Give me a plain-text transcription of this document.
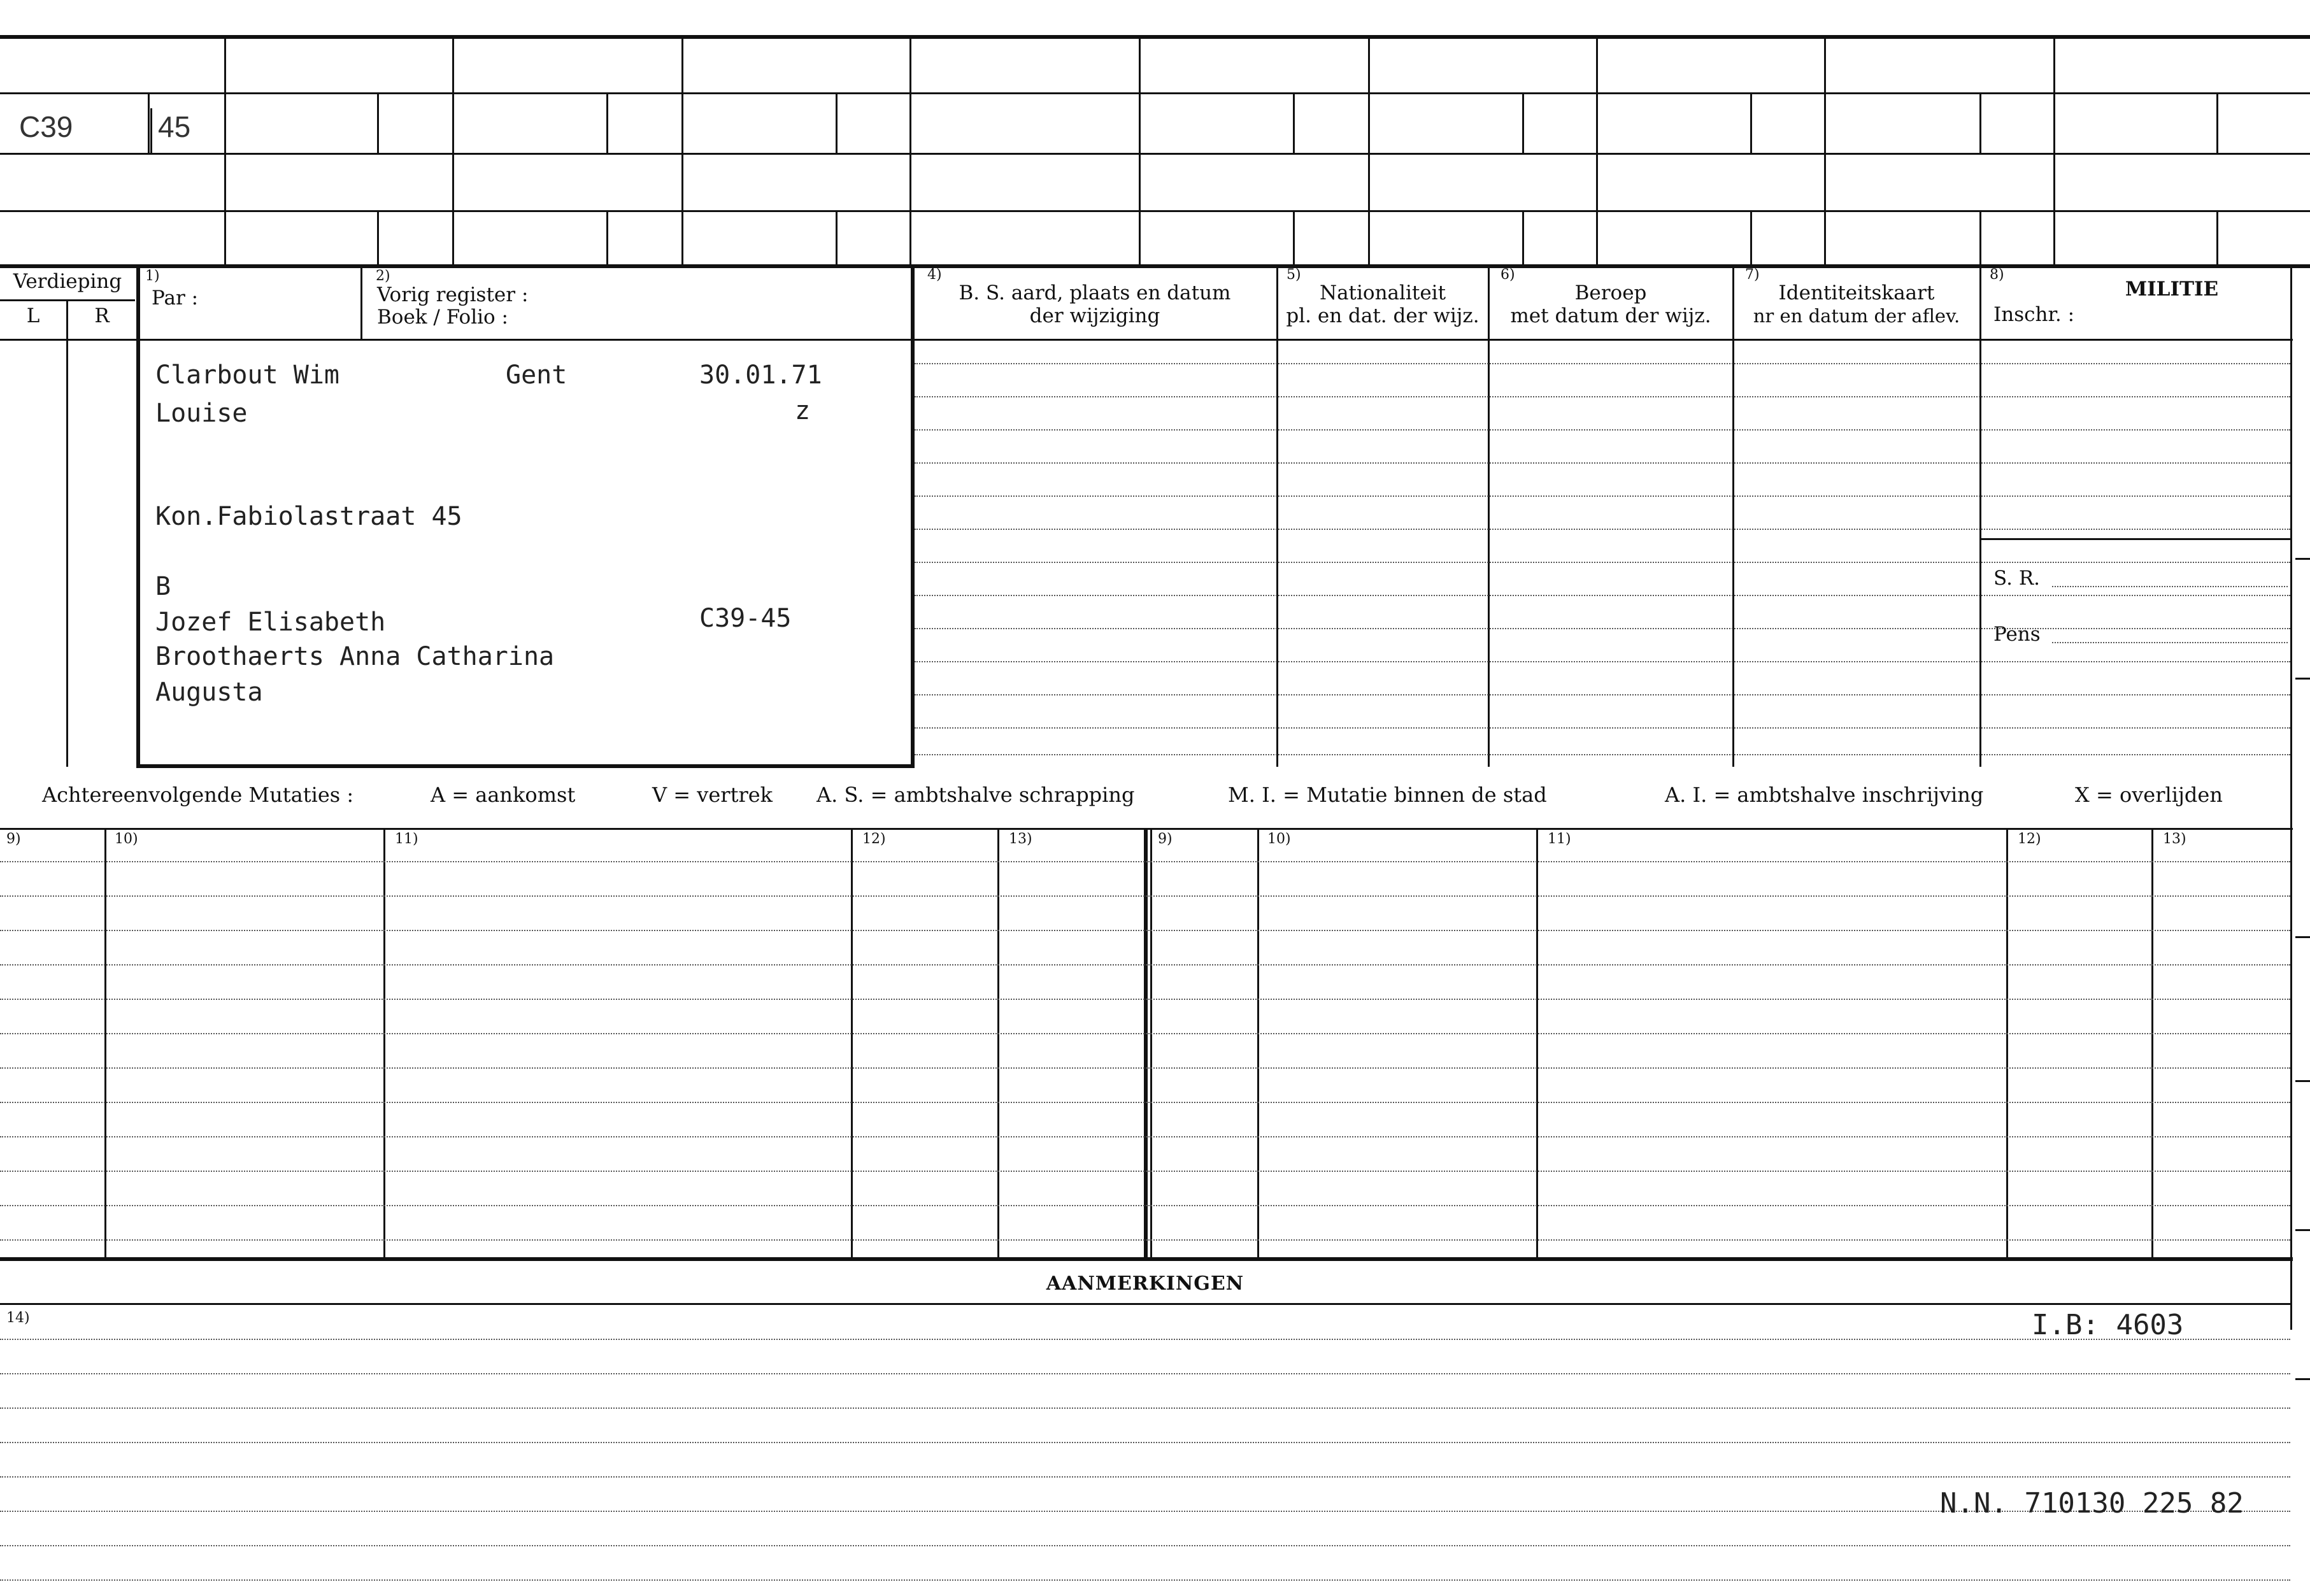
C39	45
Verdieping
L	R
1)
Par :
2)
Vorig register :
Boek / Folio :
4)
B. S. aard, plaats en datum
der wijziging
5)
Nationaliteit
pl. en dat. der wijz.
6)
Beroep
met datum der wijz.
7)
Identiteitskaart
nr en datum der aflev.
8)
MILITIE
Inschr. :
S. R.
Pens
Clarbout Wim	Gent	30.01.71
Louise	z
Kon.Fabiolastraat 45
B
Jozef Elisabeth	C39-45
Broothaerts Anna Catharina
Augusta
Achtereenvolgende Mutaties :	A = aankomst	V = vertrek A. S. = ambtshalve schrapping	M. I. = Mutatie binnen de stad	A. I. = ambtshalve inschrijving	X = overlijden
9)	10)	11)	12)	13)	9)	10)	11)	12)	13)
AANMERKINGEN
14)	I.B: 4603
N.N. 710130 225 82
